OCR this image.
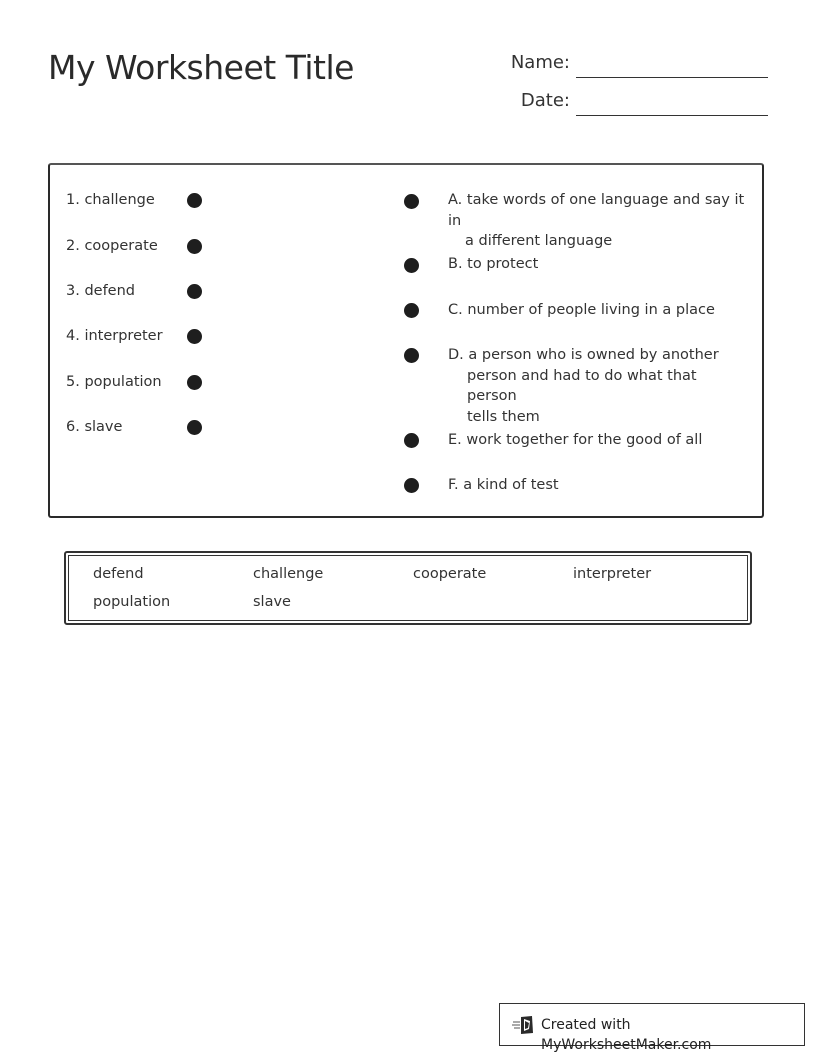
My Worksheet Title	Name:
Date:
1. challenge
2. cooperate
3. defend
4. interpreter
5. population
6. slave
A. take words of one language and say it in
a different language
B. to protect
C. number of people living in a place
D. a person who is owned by another
person and had to do what that person
tells them
E. work together for the good of all
F. a kind of test
defend	challenge	cooperate	interpreter
population	slave
Created with MyWorksheetMaker.com
